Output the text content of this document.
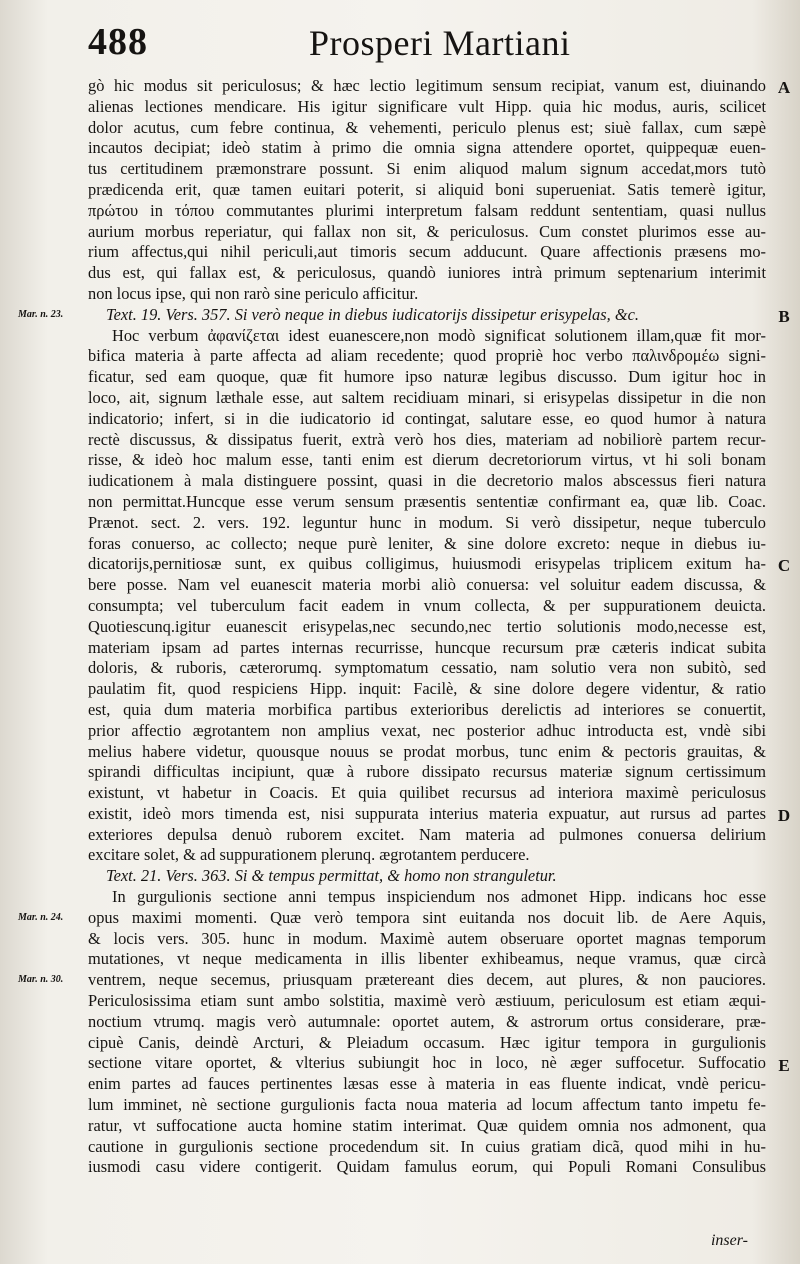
488	Prosperi Martiani
gò hic modus sit periculosus; & hæc lectio legitimum sensum recipiat, vanum est, diuinando
alienas lectiones mendicare. His igitur significare vult Hipp. quia hic modus, auris, scilicet
dolor acutus, cum febre continua, & vehementi, periculo plenus est; siuè fallax, cum sæpè
incautos decipiat; ideò statim à primo die omnia signa attendere oportet, quippequæ euen-
tus certitudinem præmonstrare possunt. Si enim aliquod malum signum accedat,mors tutò
prædicenda erit, quæ tamen euitari poterit, si aliquid boni superueniat. Satis temerè igitur,
πρώτου in τόπου commutantes plurimi interpretum falsam reddunt sententiam, quasi nullus
aurium morbus reperiatur, qui fallax non sit, & periculosus. Cum constet plurimos esse au-
rium affectus,qui nihil periculi,aut timoris secum adducunt. Quare affectionis præsens mo-
dus est, qui fallax est, & periculosus, quandò iuniores intrà primum septenarium interimit
non locus ipse, qui non rarò sine periculo afficitur.
Text. 19. Vers. 357. Si verò neque in diebus iudicatorijs dissipetur erisypelas, &c.
Hoc verbum ἀφανίζεται idest euanescere,non modò significat solutionem illam,quæ fit mor-
bifica materia à parte affecta ad aliam recedente; quod propriè hoc verbo παλινδρομέω signi-
ficatur, sed eam quoque, quæ fit humore ipso naturæ legibus discusso. Dum igitur hoc in
loco, ait, signum læthale esse, aut saltem recidiuam minari, si erisypelas dissipetur in die non
indicatorio; infert, si in die iudicatorio id contingat, salutare esse, eo quod humor à natura
rectè discussus, & dissipatus fuerit, extrà verò hos dies, materiam ad nobiliorè partem recur-
risse, & ideò hoc malum esse, tanti enim est dierum decretoriorum virtus, vt hi soli bonam
iudicationem à mala distinguere possint, quasi in die decretorio malos abscessus fieri natura
non permittat.Huncque esse verum sensum præsentis sententiæ confirmant ea, quæ lib. Coac.
Prænot. sect. 2. vers. 192. leguntur hunc in modum. Si verò dissipetur, neque tuberculo
foras conuerso, ac collecto; neque purè leniter, & sine dolore excreto: neque in diebus iu-
dicatorijs,pernitiosæ sunt, ex quibus colligimus, huiusmodi erisypelas triplicem exitum ha-
bere posse. Nam vel euanescit materia morbi aliò conuersa: vel soluitur eadem discussa, &
consumpta; vel tuberculum facit eadem in vnum collecta, & per suppurationem deuicta.
Quotiescunq.igitur euanescit erisypelas,nec secundo,nec tertio solutionis modo,necesse est,
materiam ipsam ad partes internas recurrisse, huncque recursum præ cæteris indicat subita
doloris, & ruboris, cæterorumq. symptomatum cessatio, nam solutio vera non subitò, sed
paulatim fit, quod respiciens Hipp. inquit: Facilè, & sine dolore degere videntur, & ratio
est, quia dum materia morbifica partibus exterioribus derelictis ad interiores se conuertit,
prior affectio ægrotantem non amplius vexat, nec posterior adhuc introducta est, vndè sibi
melius habere videtur, quousque nouus se prodat morbus, tunc enim & pectoris grauitas, &
spirandi difficultas incipiunt, quæ à rubore dissipato recursus materiæ signum certissimum
existunt, vt habetur in Coacis. Et quia quilibet recursus ad interiora maximè periculosus
existit, ideò mors timenda est, nisi suppurata interius materia expuatur, aut rursus ad partes
exteriores depulsa denuò ruborem excitet. Nam materia ad pulmones conuersa delirium
excitare solet, & ad suppurationem plerunq. ægrotantem perducere.
Text. 21. Vers. 363. Si & tempus permittat, & homo non stranguletur.
In gurgulionis sectione anni tempus inspiciendum nos admonet Hipp. indicans hoc esse
opus maximi momenti. Quæ verò tempora sint euitanda nos docuit lib. de Aere Aquis,
& locis vers. 305. hunc in modum. Maximè autem obseruare oportet magnas temporum
mutationes, vt neque medicamenta in illis libenter exhibeamus, neque vramus, quæ circà
ventrem, neque secemus, priusquam prætereant dies decem, aut plures, & non pauciores.
Periculosissima etiam sunt ambo solstitia, maximè verò æstiuum, periculosum est etiam æqui-
noctium vtrumq. magis verò autumnale: oportet autem, & astrorum ortus considerare, præ-
cipuè Canis, deindè Arcturi, & Pleiadum occasum. Hæc igitur tempora in gurgulionis
sectione vitare oportet, & vlterius subiungit hoc in loco, nè æger suffocetur. Suffocatio
enim partes ad fauces pertinentes læsas esse à materia in eas fluente indicat, vndè pericu-
lum imminet, nè sectione gurgulionis facta noua materia ad locum affectum tanto impetu fe-
ratur, vt suffocatione aucta homine statim interimat. Quæ quidem omnia nos admonent, qua
cautione in gurgulionis sectione procedendum sit. In cuius gratiam dicã, quod mihi in hu-
iusmodi casu videre contigerit. Quidam famulus eorum, qui Populi Romani Consulibus
Mar. n. 23.
Mar. n. 24.
Mar. n. 30.
A
B
C
D
E
inser-
